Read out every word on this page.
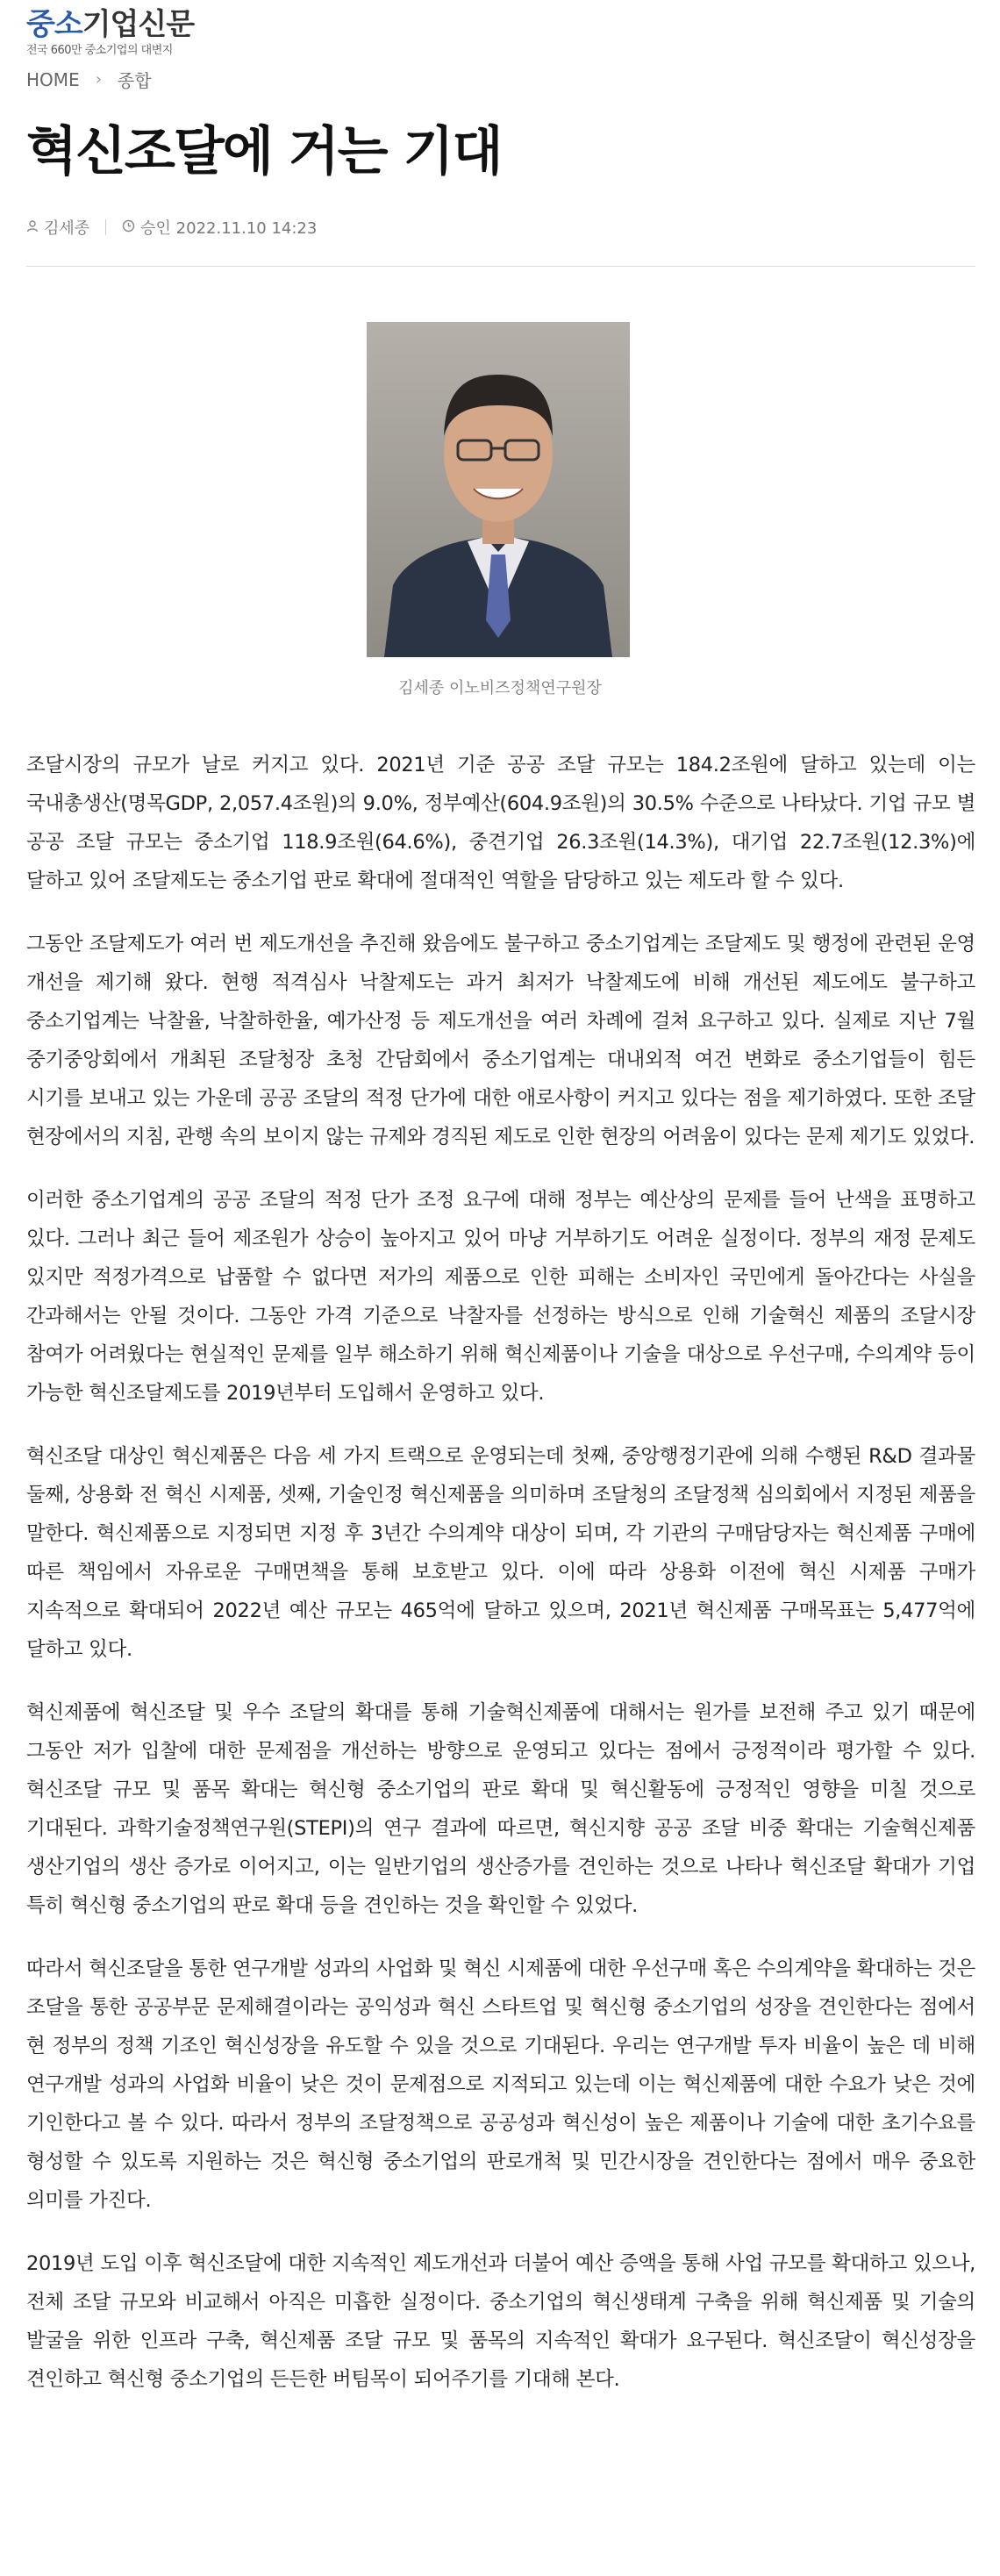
중소기업신문
전국 660만 중소기업의 대변지
HOME › 종합
혁신조달에 거는 기대
김세종	승인 2022.11.10 14:23
김세종 이노비즈정책연구원장

조달시장의 규모가 날로 커지고 있다. 2021년 기준 공공 조달 규모는 184.2조원에 달하고 있는데 이는 국내총생산(명목GDP, 2,057.4조원)의 9.0%, 정부예산(604.9조원)의 30.5% 수준으로 나타났다. 기업 규모 별 공공 조달 규모는 중소기업 118.9조원(64.6%), 중견기업 26.3조원(14.3%), 대기업 22.7조원(12.3%)에 달하고 있어 조달제도는 중소기업 판로 확대에 절대적인 역할을 담당하고 있는 제도라 할 수 있다.

그동안 조달제도가 여러 번 제도개선을 추진해 왔음에도 불구하고 중소기업계는 조달제도 및 행정에 관련된 운영 개선을 제기해 왔다. 현행 적격심사 낙찰제도는 과거 최저가 낙찰제도에 비해 개선된 제도에도 불구하고 중소기업계는 낙찰율, 낙찰하한율, 예가산정 등 제도개선을 여러 차례에 걸쳐 요구하고 있다. 실제로 지난 7월 중기중앙회에서 개최된 조달청장 초청 간담회에서 중소기업계는 대내외적 여건 변화로 중소기업들이 힘든 시기를 보내고 있는 가운데 공공 조달의 적정 단가에 대한 애로사항이 커지고 있다는 점을 제기하였다. 또한 조달 현장에서의 지침, 관행 속의 보이지 않는 규제와 경직된 제도로 인한 현장의 어려움이 있다는 문제 제기도 있었다.

이러한 중소기업계의 공공 조달의 적정 단가 조정 요구에 대해 정부는 예산상의 문제를 들어 난색을 표명하고 있다. 그러나 최근 들어 제조원가 상승이 높아지고 있어 마냥 거부하기도 어려운 실정이다. 정부의 재정 문제도 있지만 적정가격으로 납품할 수 없다면 저가의 제품으로 인한 피해는 소비자인 국민에게 돌아간다는 사실을 간과해서는 안될 것이다. 그동안 가격 기준으로 낙찰자를 선정하는 방식으로 인해 기술혁신 제품의 조달시장 참여가 어려웠다는 현실적인 문제를 일부 해소하기 위해 혁신제품이나 기술을 대상으로 우선구매, 수의계약 등이 가능한 혁신조달제도를 2019년부터 도입해서 운영하고 있다.

혁신조달 대상인 혁신제품은 다음 세 가지 트랙으로 운영되는데 첫째, 중앙행정기관에 의해 수행된 R&D 결과물 둘째, 상용화 전 혁신 시제품, 셋째, 기술인정 혁신제품을 의미하며 조달청의 조달정책 심의회에서 지정된 제품을 말한다. 혁신제품으로 지정되면 지정 후 3년간 수의계약 대상이 되며, 각 기관의 구매담당자는 혁신제품 구매에 따른 책임에서 자유로운 구매면책을 통해 보호받고 있다. 이에 따라 상용화 이전에 혁신 시제품 구매가 지속적으로 확대되어 2022년 예산 규모는 465억에 달하고 있으며, 2021년 혁신제품 구매목표는 5,477억에 달하고 있다.

혁신제품에 혁신조달 및 우수 조달의 확대를 통해 기술혁신제품에 대해서는 원가를 보전해 주고 있기 때문에 그동안 저가 입찰에 대한 문제점을 개선하는 방향으로 운영되고 있다는 점에서 긍정적이라 평가할 수 있다. 혁신조달 규모 및 품목 확대는 혁신형 중소기업의 판로 확대 및 혁신활동에 긍정적인 영향을 미칠 것으로 기대된다. 과학기술정책연구원(STEPI)의 연구 결과에 따르면, 혁신지향 공공 조달 비중 확대는 기술혁신제품 생산기업의 생산 증가로 이어지고, 이는 일반기업의 생산증가를 견인하는 것으로 나타나 혁신조달 확대가 기업 특히 혁신형 중소기업의 판로 확대 등을 견인하는 것을 확인할 수 있었다.

따라서 혁신조달을 통한 연구개발 성과의 사업화 및 혁신 시제품에 대한 우선구매 혹은 수의계약을 확대하는 것은 조달을 통한 공공부문 문제해결이라는 공익성과 혁신 스타트업 및 혁신형 중소기업의 성장을 견인한다는 점에서 현 정부의 정책 기조인 혁신성장을 유도할 수 있을 것으로 기대된다. 우리는 연구개발 투자 비율이 높은 데 비해 연구개발 성과의 사업화 비율이 낮은 것이 문제점으로 지적되고 있는데 이는 혁신제품에 대한 수요가 낮은 것에 기인한다고 볼 수 있다. 따라서 정부의 조달정책으로 공공성과 혁신성이 높은 제품이나 기술에 대한 초기수요를 형성할 수 있도록 지원하는 것은 혁신형 중소기업의 판로개척 및 민간시장을 견인한다는 점에서 매우 중요한 의미를 가진다.

2019년 도입 이후 혁신조달에 대한 지속적인 제도개선과 더불어 예산 증액을 통해 사업 규모를 확대하고 있으나, 전체 조달 규모와 비교해서 아직은 미흡한 실정이다. 중소기업의 혁신생태계 구축을 위해 혁신제품 및 기술의 발굴을 위한 인프라 구축, 혁신제품 조달 규모 및 품목의 지속적인 확대가 요구된다. 혁신조달이 혁신성장을 견인하고 혁신형 중소기업의 든든한 버팀목이 되어주기를 기대해 본다.
